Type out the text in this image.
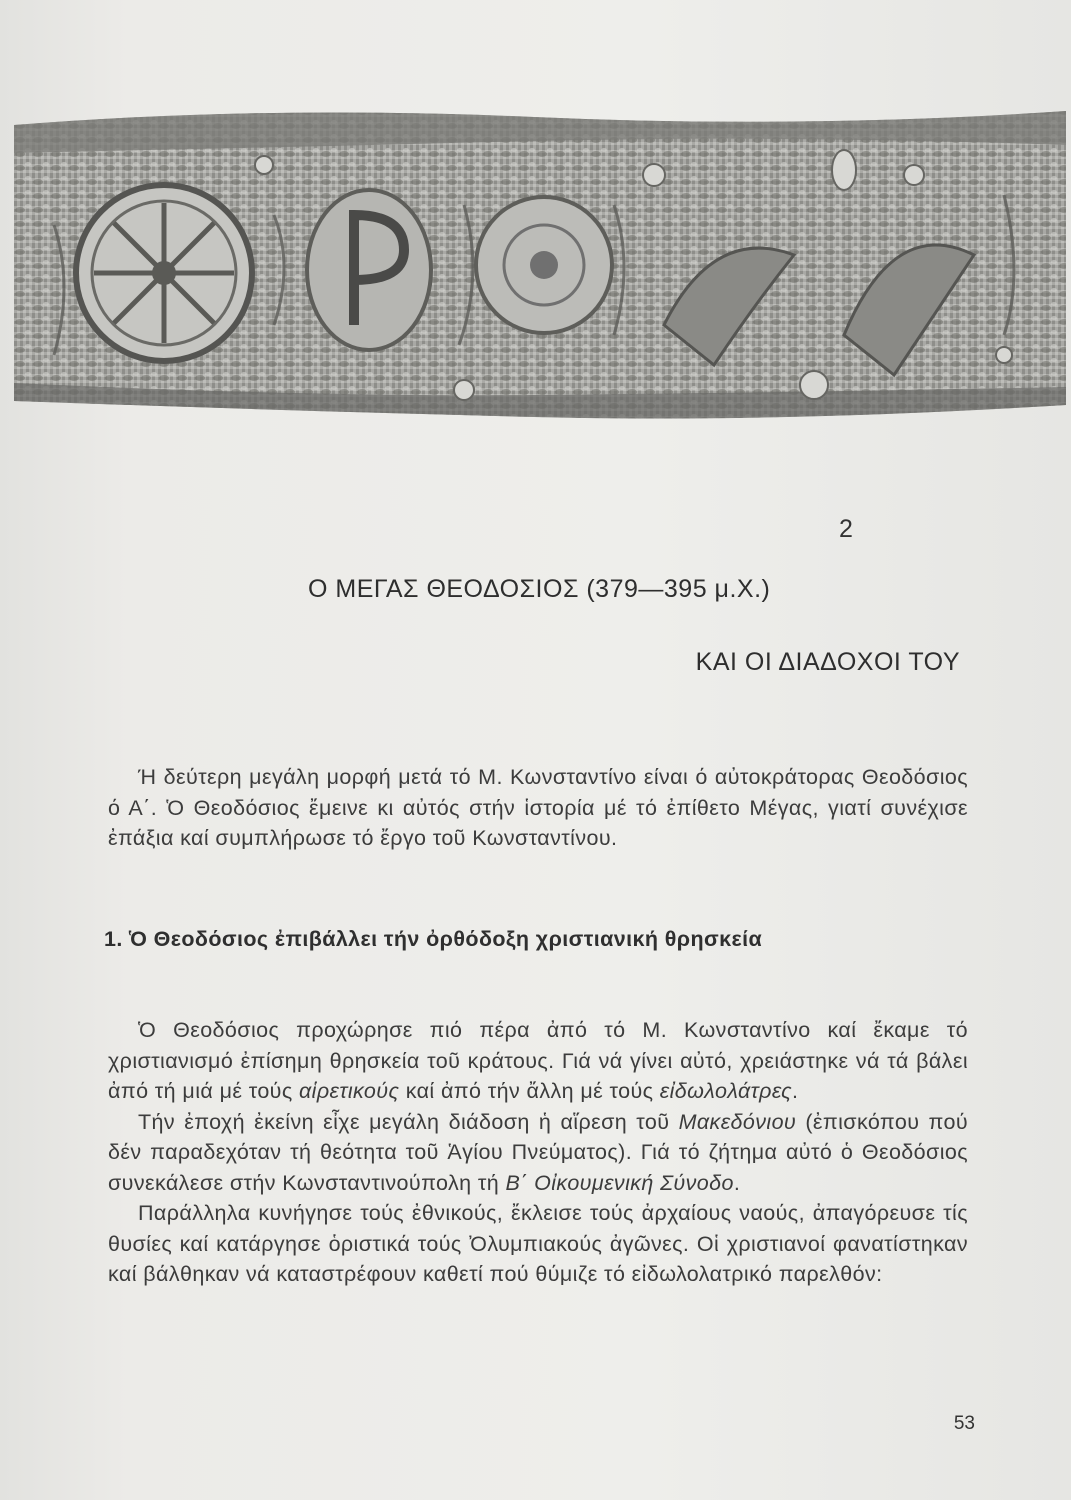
2
Ο ΜΕΓΑΣ ΘΕΟΔΟΣΙΟΣ (379—395 μ.Χ.)
ΚΑΙ ΟΙ ΔΙΑΔΟΧΟΙ ΤΟΥ

Ή δεύτερη μεγάλη μορφή μετά τό Μ. Κωνσταντίνο είναι ό αὐτοκράτορας Θεοδόσιος ό Α΄. Ὁ Θεοδόσιος ἔμεινε κι αὐτός στήν ἱστορία μέ τό ἐπίθετο Μέγας, γιατί συνέχισε ἐπάξια καί συμπλήρωσε τό ἔργο τοῦ Κωνσταντίνου.

1. Ὁ Θεοδόσιος ἐπιβάλλει τήν ὀρθόδοξη χριστιανική θρησκεία

Ὁ Θεοδόσιος προχώρησε πιό πέρα ἀπό τό Μ. Κωνσταντίνο καί ἔκαμε τό χριστιανισμό ἐπίσημη θρησκεία τοῦ κράτους. Γιά νά γίνει αὐτό, χρειάστηκε νά τά βάλει ἀπό τή μιά μέ τούς αἱρετικούς καί ἀπό τήν ἄλλη μέ τούς εἰδωλολάτρες.

Τήν ἐποχή ἐκείνη εἶχε μεγάλη διάδοση ἡ αἵρεση τοῦ Μακεδόνιου (ἐπισκόπου πού δέν παραδεχόταν τή θεότητα τοῦ Ἁγίου Πνεύματος). Γιά τό ζήτημα αὐτό ὁ Θεοδόσιος συνεκάλεσε στήν Κωνσταντινούπολη τή Β΄ Οἰκουμενική Σύνοδο.

Παράλληλα κυνήγησε τούς ἐθνικούς, ἔκλεισε τούς ἀρχαίους ναούς, ἀπαγόρευσε τίς θυσίες καί κατάργησε ὁριστικά τούς Ὀλυμπιακούς ἀγῶνες. Οἱ χριστιανοί φανατίστηκαν καί βάλθηκαν νά καταστρέφουν καθετί πού θύμιζε τό εἰδωλολατρικό παρελθόν:

53
